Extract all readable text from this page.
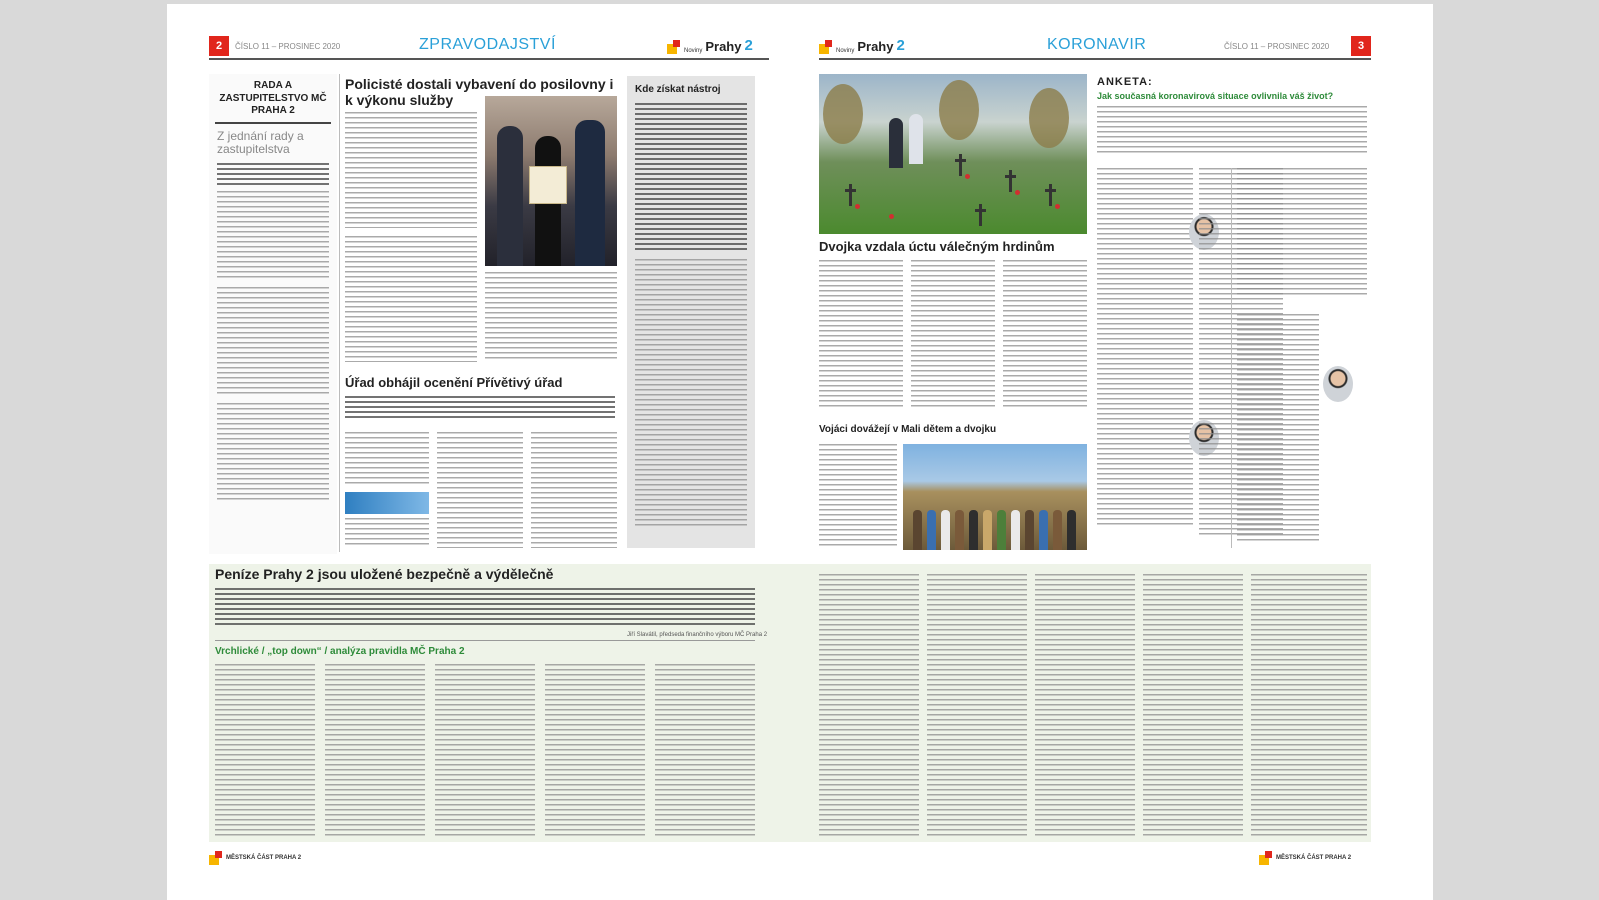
2	ČÍSLO 11 – PROSINEC 2020	ZPRAVODAJSTVÍ	Noviny Prahy 2	Noviny Prahy 2	KORONAVIR	ČÍSLO 11 – PROSINEC 2020	3
RADA A ZASTUPITELSTVO MČ PRAHA 2
Z jednání rady a zastupitelstva
Policisté dostali vybavení do posilovny i k výkonu služby
Úřad obhájil ocenění Přívětivý úřad
Kde získat nástroj
Dvojka vzdala úctu válečným hrdinům
ANKETA:
Jak současná koronavirová situace ovlivnila váš život?
Vojáci dovážejí v Mali dětem a dvojku
Peníze Prahy 2 jsou uložené bezpečně a výdělečně
Jiří Slavátil, předseda finančního výboru MČ Praha 2
Vrchlické / „top down“ / analýza pravidla MČ Praha 2
MĚSTSKÁ ČÁST PRAHA 2	MĚSTSKÁ ČÁST PRAHA 2
